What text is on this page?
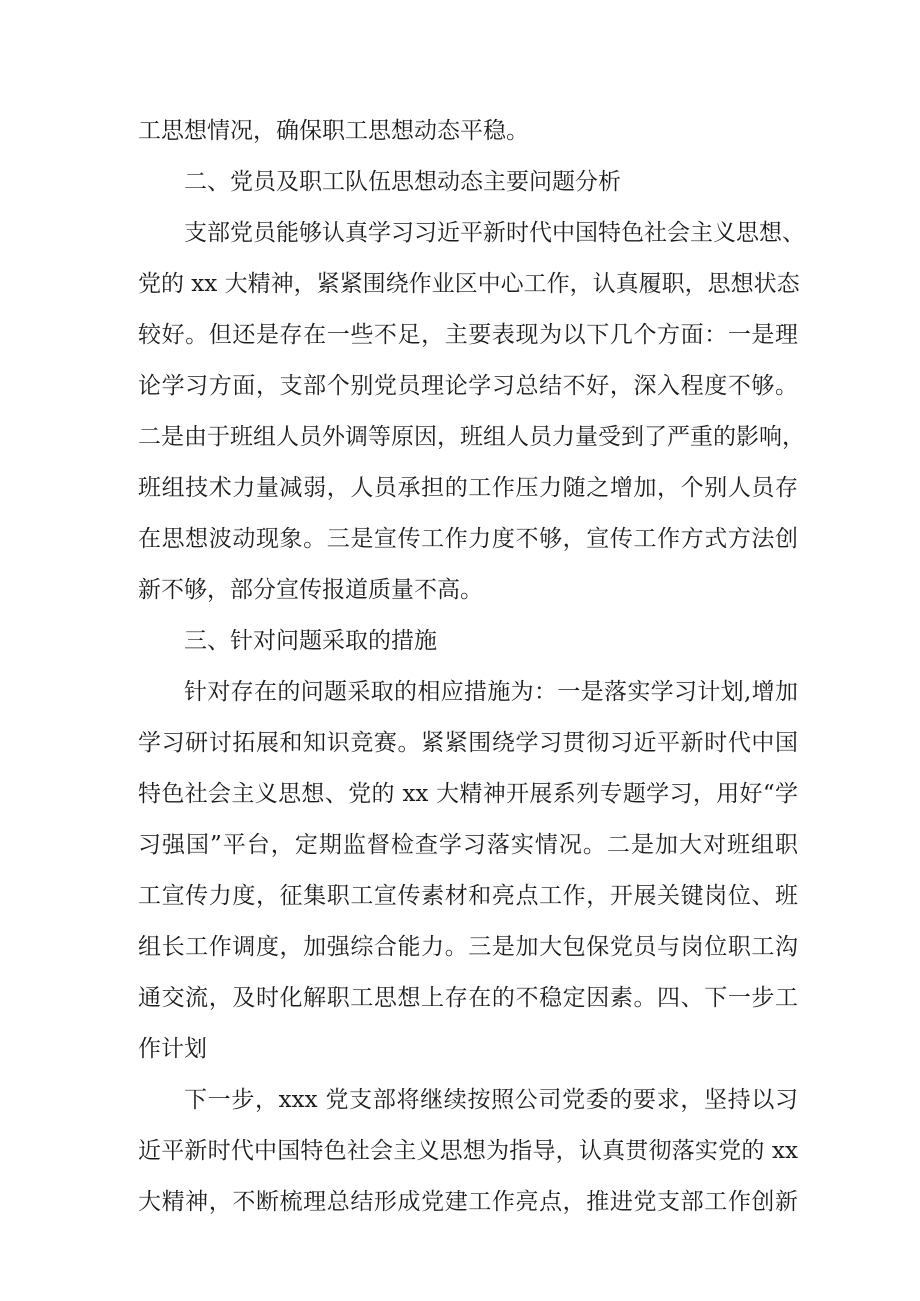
工思想情况，确保职工思想动态平稳。
二、党员及职工队伍思想动态主要问题分析
支部党员能够认真学习习近平新时代中国特色社会主义思想、
党的 xx 大精神，紧紧围绕作业区中心工作，认真履职，思想状态
较好。但还是存在一些不足，主要表现为以下几个方面：一是理
论学习方面，支部个别党员理论学习总结不好，深入程度不够。
二是由于班组人员外调等原因，班组人员力量受到了严重的影响，
班组技术力量减弱，人员承担的工作压力随之增加，个别人员存
在思想波动现象。三是宣传工作力度不够，宣传工作方式方法创
新不够，部分宣传报道质量不高。
三、针对问题采取的措施
针对存在的问题采取的相应措施为：一是落实学习计划,增加
学习研讨拓展和知识竞赛。紧紧围绕学习贯彻习近平新时代中国
特色社会主义思想、党的 xx 大精神开展系列专题学习，用好“学
习强国”平台，定期监督检查学习落实情况。二是加大对班组职
工宣传力度，征集职工宣传素材和亮点工作，开展关键岗位、班
组长工作调度，加强综合能力。三是加大包保党员与岗位职工沟
通交流，及时化解职工思想上存在的不稳定因素。四、下一步工
作计划
下一步，xxx 党支部将继续按照公司党委的要求，坚持以习
近平新时代中国特色社会主义思想为指导，认真贯彻落实党的 xx
大精神，不断梳理总结形成党建工作亮点，推进党支部工作创新
